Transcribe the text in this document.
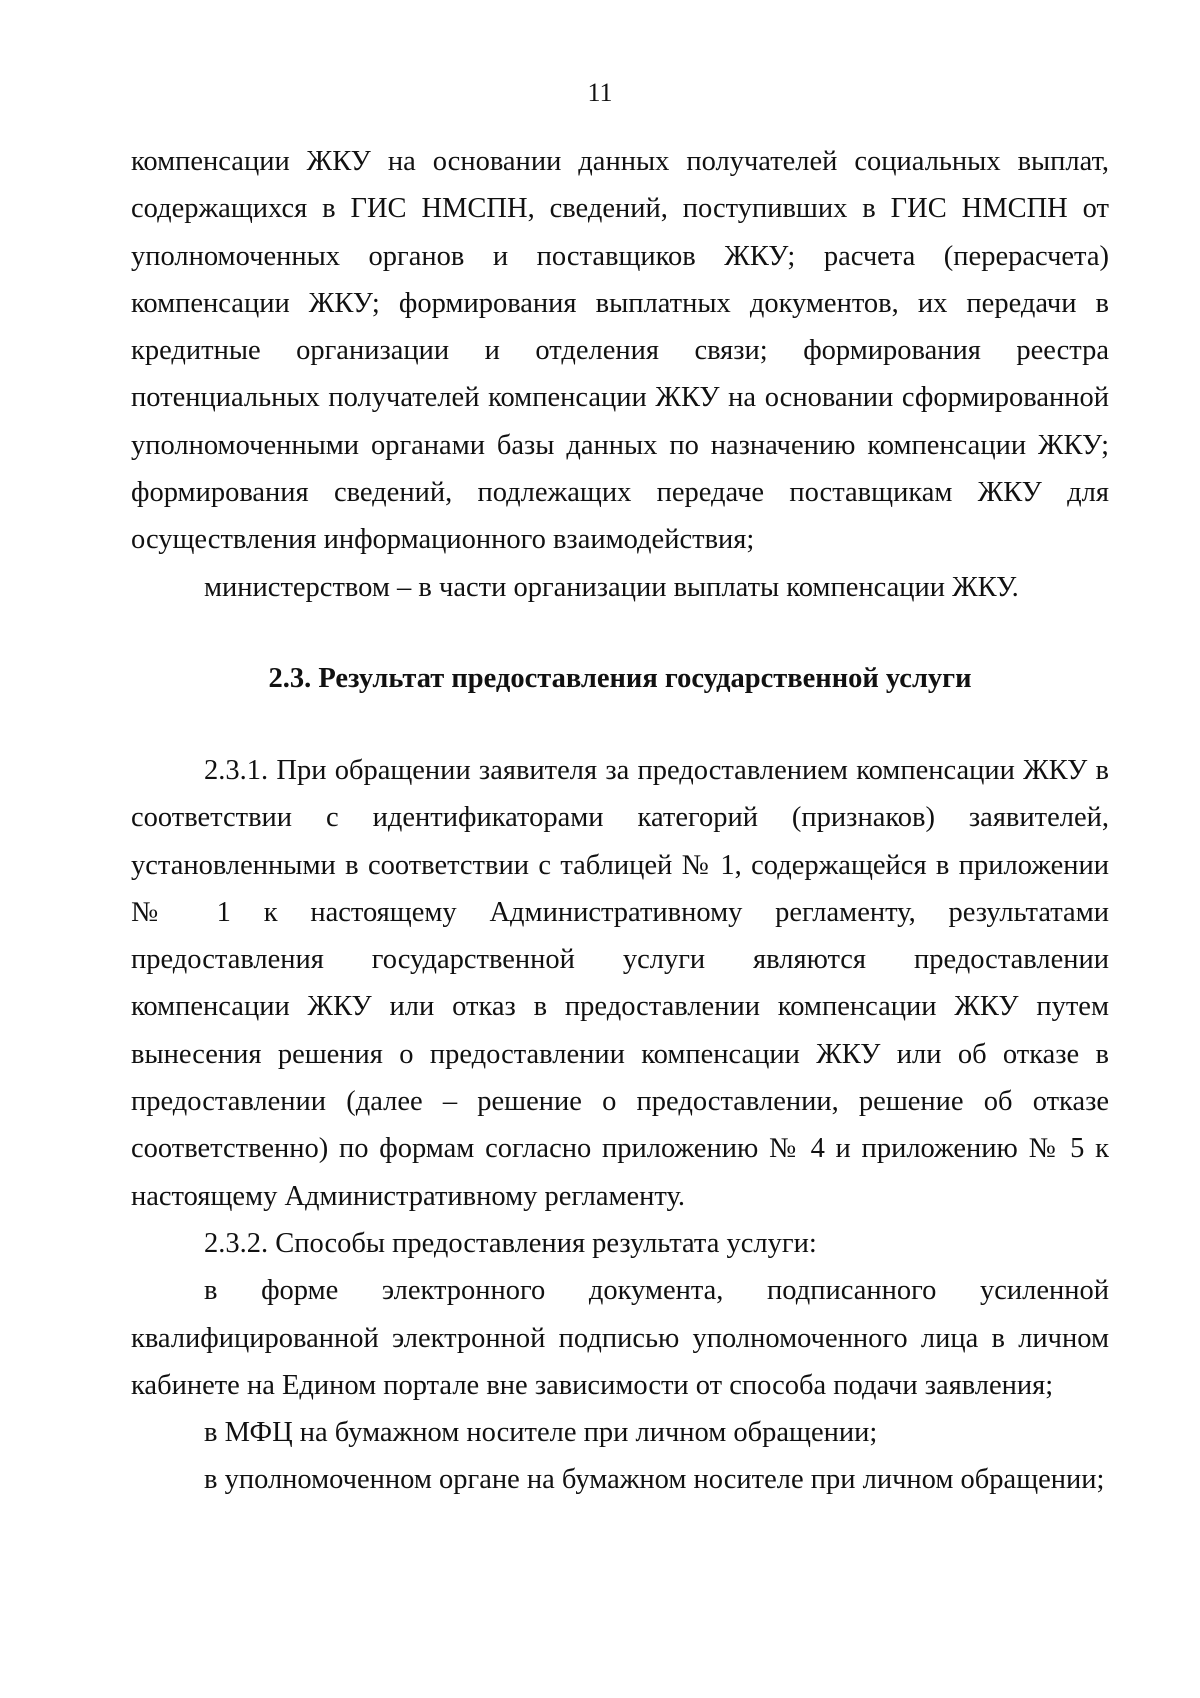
11

компенсации ЖКУ на основании данных получателей социальных выплат, содержащихся в ГИС НМСПН, сведений, поступивших в ГИС НМСПН от уполномоченных органов и поставщиков ЖКУ; расчета (перерасчета) компенсации ЖКУ; формирования выплатных документов, их передачи в кредитные организации и отделения связи; формирования реестра потенциальных получателей компенсации ЖКУ на основании сформированной уполномоченными органами базы данных по назначению компенсации ЖКУ; формирования сведений, подлежащих передаче поставщикам ЖКУ для осуществления информационного взаимодействия;

министерством – в части организации выплаты компенсации ЖКУ.

2.3. Результат предоставления государственной услуги

2.3.1. При обращении заявителя за предоставлением компенсации ЖКУ в соответствии с идентификаторами категорий (признаков) заявителей, установленными в соответствии с таблицей № 1, содержащейся в приложении № 1 к настоящему Административному регламенту, результатами предоставления государственной услуги являются предоставлении компенсации ЖКУ или отказ в предоставлении компенсации ЖКУ путем вынесения решения о предоставлении компенсации ЖКУ или об отказе в предоставлении (далее – решение о предоставлении, решение об отказе соответственно) по формам согласно приложению № 4 и приложению № 5 к настоящему Административному регламенту.

2.3.2. Способы предоставления результата услуги:

в форме электронного документа, подписанного усиленной квалифицированной электронной подписью уполномоченного лица в личном кабинете на Едином портале вне зависимости от способа подачи заявления;

в МФЦ на бумажном носителе при личном обращении;

в уполномоченном органе на бумажном носителе при личном обращении;
